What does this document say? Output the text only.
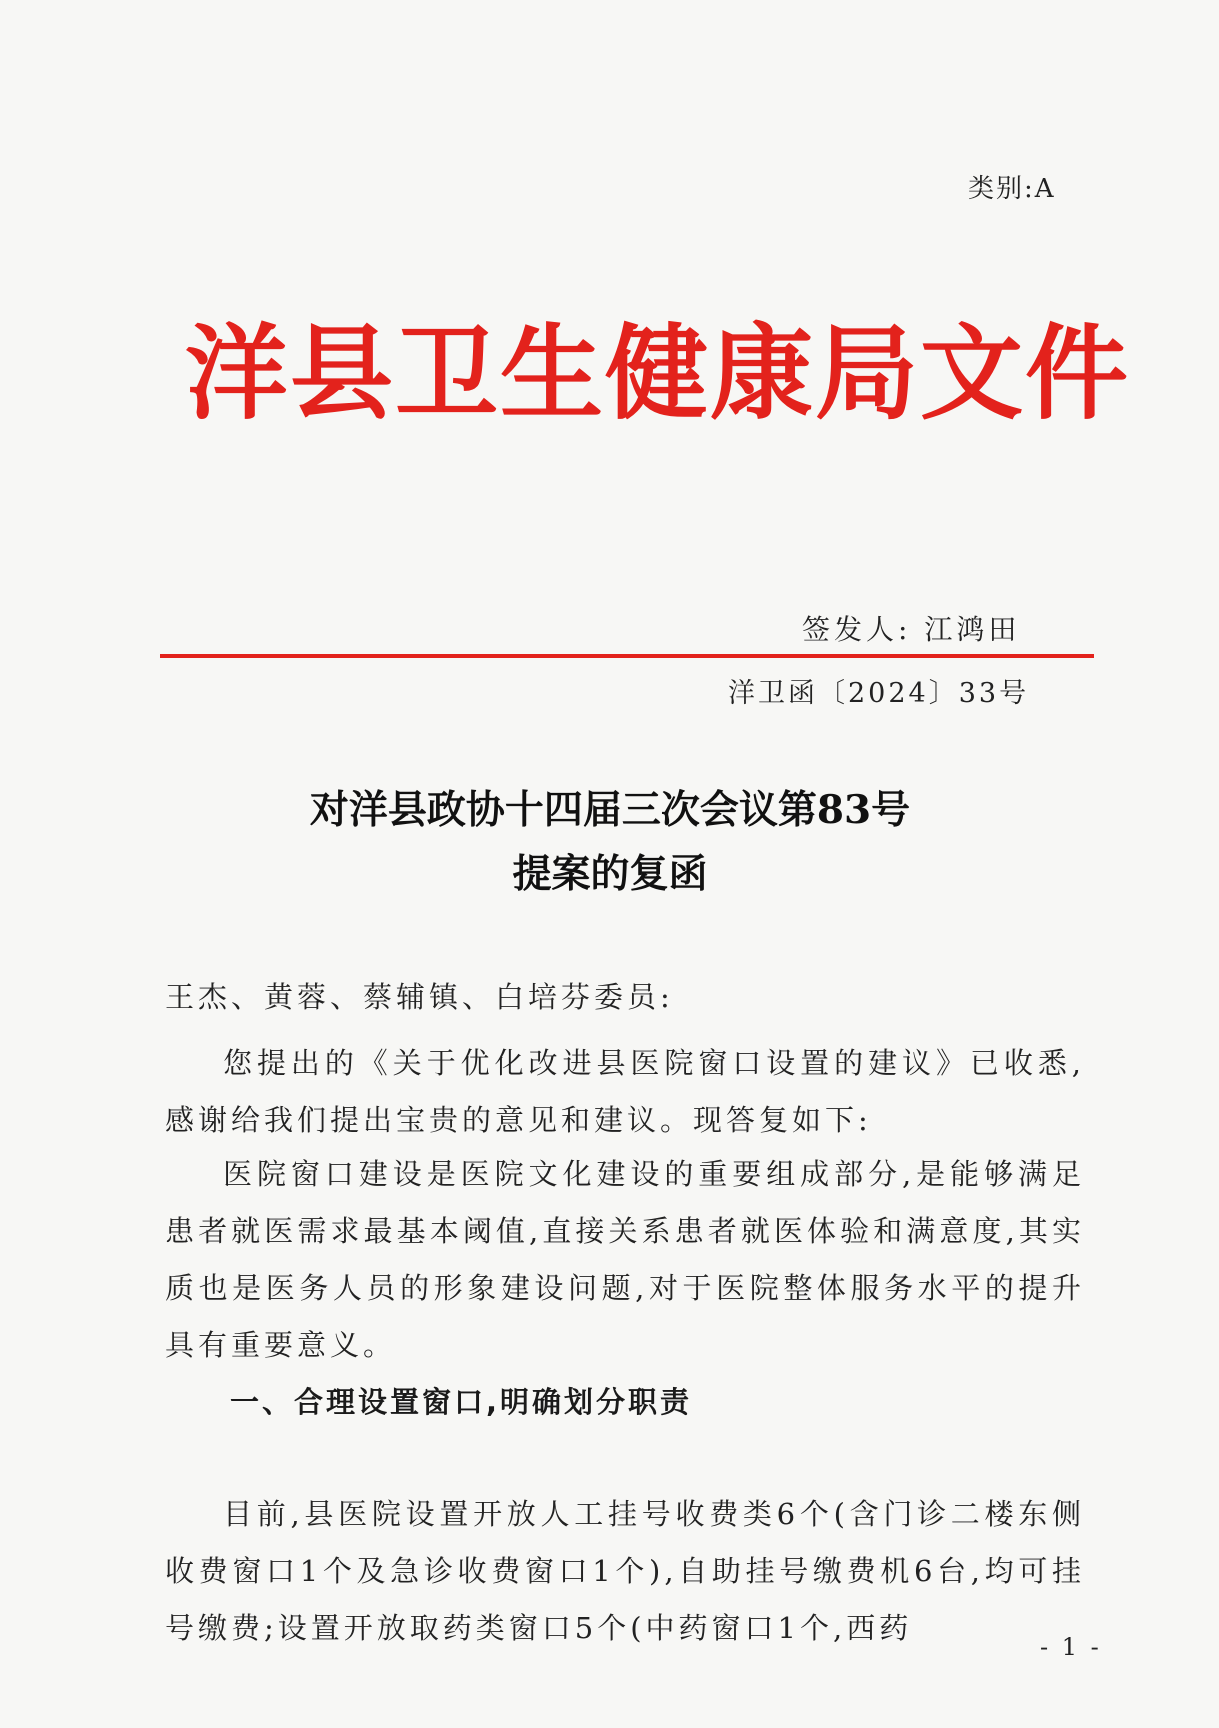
类别:A
洋县卫生健康局文件
签发人: 江鸿田
洋卫函〔2024〕33号
对洋县政协十四届三次会议第83号
提案的复函
王杰、黄蓉、蔡辅镇、白培芬委员:

您提出的《关于优化改进县医院窗口设置的建议》已收悉,感谢给我们提出宝贵的意见和建议。现答复如下:

医院窗口建设是医院文化建设的重要组成部分,是能够满足患者就医需求最基本阈值,直接关系患者就医体验和满意度,其实质也是医务人员的形象建设问题,对于医院整体服务水平的提升具有重要意义。

一、合理设置窗口,明确划分职责

目前,县医院设置开放人工挂号收费类6个(含门诊二楼东侧收费窗口1个及急诊收费窗口1个),自助挂号缴费机6台,均可挂号缴费;设置开放取药类窗口5个(中药窗口1个,西药

- 1 -
